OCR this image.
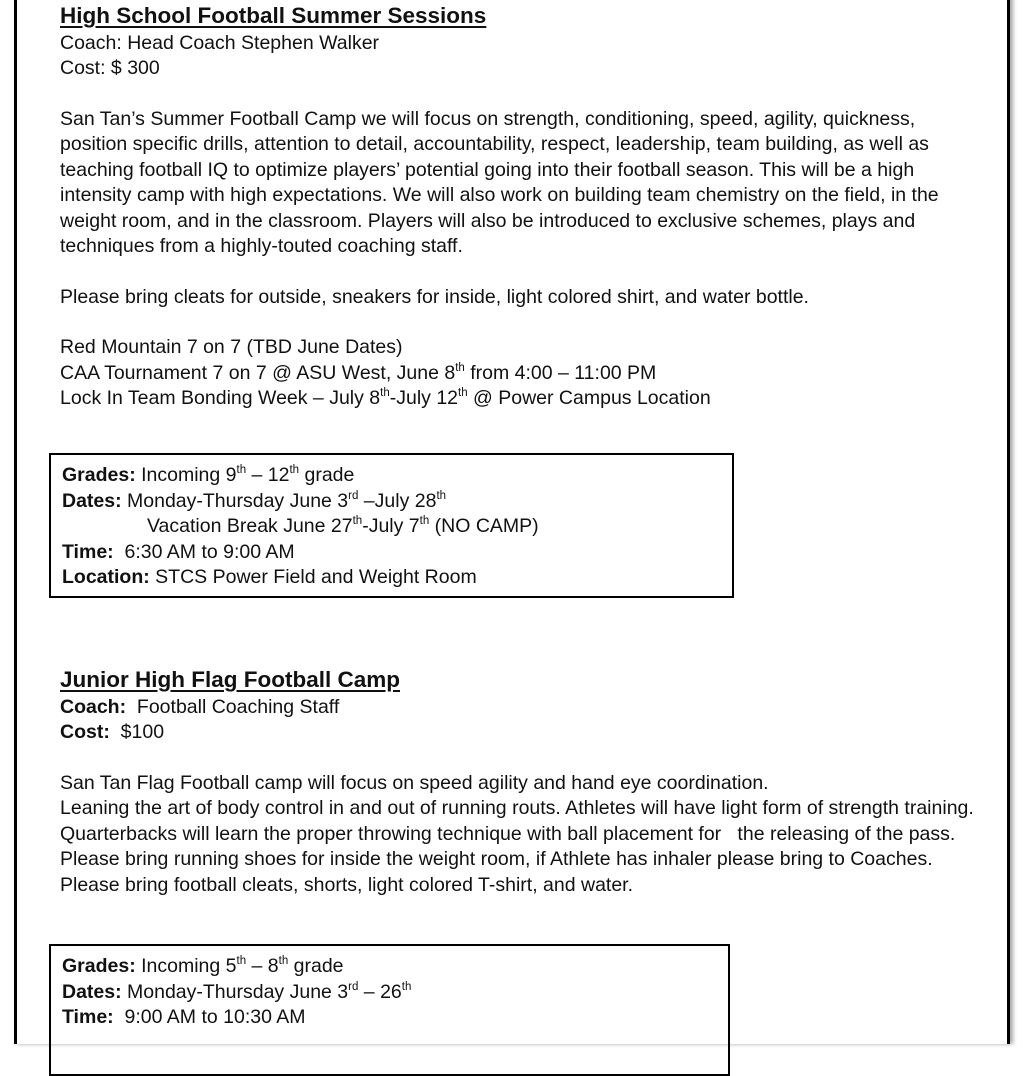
High School Football Summer Sessions
Coach: Head Coach Stephen Walker
Cost: $ 300

San Tan’s Summer Football Camp we will focus on strength, conditioning, speed, agility, quickness, position specific drills, attention to detail, accountability, respect, leadership, team building, as well as teaching football IQ to optimize players’ potential going into their football season. This will be a high intensity camp with high expectations. We will also work on building team chemistry on the field, in the weight room, and in the classroom. Players will also be introduced to exclusive schemes, plays and techniques from a highly-touted coaching staff.

Please bring cleats for outside, sneakers for inside, light colored shirt, and water bottle.
Red Mountain 7 on 7 (TBD June Dates)
CAA Tournament 7 on 7 @ ASU West, June 8th from 4:00 – 11:00 PM
Lock In Team Bonding Week – July 8th-July 12th @ Power Campus Location
Grades: Incoming 9th – 12th grade
Dates: Monday-Thursday June 3rd –July 28th
Vacation Break June 27th-July 7th (NO CAMP)
Time:  6:30 AM to 9:00 AM
Location: STCS Power Field and Weight Room
Junior High Flag Football Camp
Coach:  Football Coaching Staff
Cost:  $100
San Tan Flag Football camp will focus on speed agility and hand eye coordination.

Leaning the art of body control in and out of running routs. Athletes will have light form of strength training.  Quarterbacks will learn the proper throwing technique with ball placement for   the releasing of the pass.  Please bring running shoes for inside the weight room, if Athlete has inhaler please bring to Coaches. Please bring football cleats, shorts, light colored T-shirt, and water.

Grades: Incoming 5th – 8th grade
Dates: Monday-Thursday June 3rd – 26th
Time:  9:00 AM to 10:30 AM
